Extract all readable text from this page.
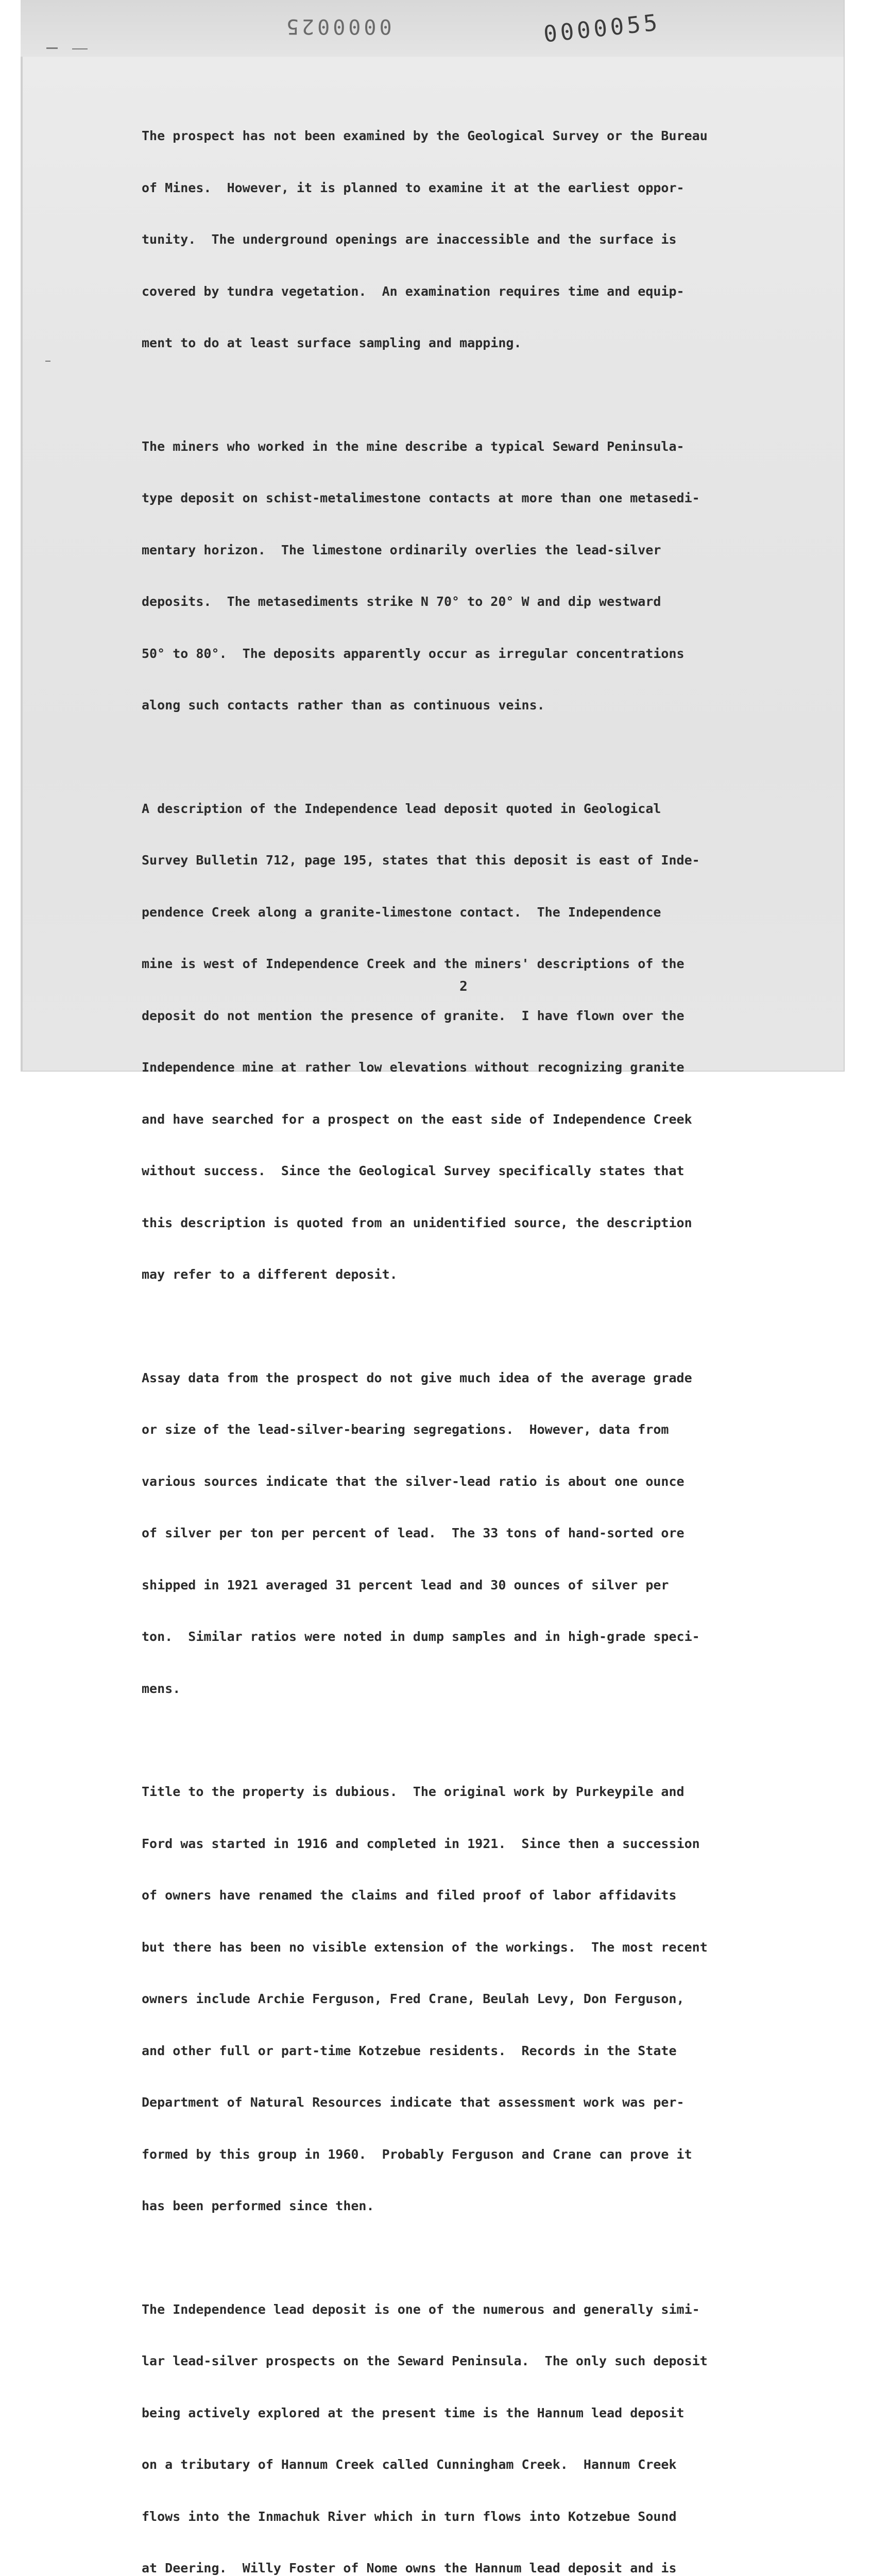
0000025	0000055

The prospect has not been examined by the Geological Survey or the Bureau

of Mines.  However, it is planned to examine it at the earliest oppor-

tunity.  The underground openings are inaccessible and the surface is

covered by tundra vegetation.  An examination requires time and equip-

ment to do at least surface sampling and mapping.

The miners who worked in the mine describe a typical Seward Peninsula-

type deposit on schist-metalimestone contacts at more than one metasedi-

mentary horizon.  The limestone ordinarily overlies the lead-silver

deposits.  The metasediments strike N 70° to 20° W and dip westward

50° to 80°.  The deposits apparently occur as irregular concentrations

along such contacts rather than as continuous veins.

A description of the Independence lead deposit quoted in Geological

Survey Bulletin 712, page 195, states that this deposit is east of Inde-

pendence Creek along a granite-limestone contact.  The Independence

mine is west of Independence Creek and the miners' descriptions of the

deposit do not mention the presence of granite.  I have flown over the

Independence mine at rather low elevations without recognizing granite

and have searched for a prospect on the east side of Independence Creek

without success.  Since the Geological Survey specifically states that

this description is quoted from an unidentified source, the description

may refer to a different deposit.

Assay data from the prospect do not give much idea of the average grade

or size of the lead-silver-bearing segregations.  However, data from

various sources indicate that the silver-lead ratio is about one ounce

of silver per ton per percent of lead.  The 33 tons of hand-sorted ore

shipped in 1921 averaged 31 percent lead and 30 ounces of silver per

ton.  Similar ratios were noted in dump samples and in high-grade speci-

mens.

Title to the property is dubious.  The original work by Purkeypile and

Ford was started in 1916 and completed in 1921.  Since then a succession

of owners have renamed the claims and filed proof of labor affidavits

but there has been no visible extension of the workings.  The most recent

owners include Archie Ferguson, Fred Crane, Beulah Levy, Don Ferguson,

and other full or part-time Kotzebue residents.  Records in the State

Department of Natural Resources indicate that assessment work was per-

formed by this group in 1960.  Probably Ferguson and Crane can prove it

has been performed since then.

The Independence lead deposit is one of the numerous and generally simi-

lar lead-silver prospects on the Seward Peninsula.  The only such deposit

being actively explored at the present time is the Hannum lead deposit

on a tributary of Hannum Creek called Cunningham Creek.  Hannum Creek

flows into the Inmachuk River which in turn flows into Kotzebue Sound

at Deering.  Willy Foster of Nome owns the Hannum lead deposit and is

2
